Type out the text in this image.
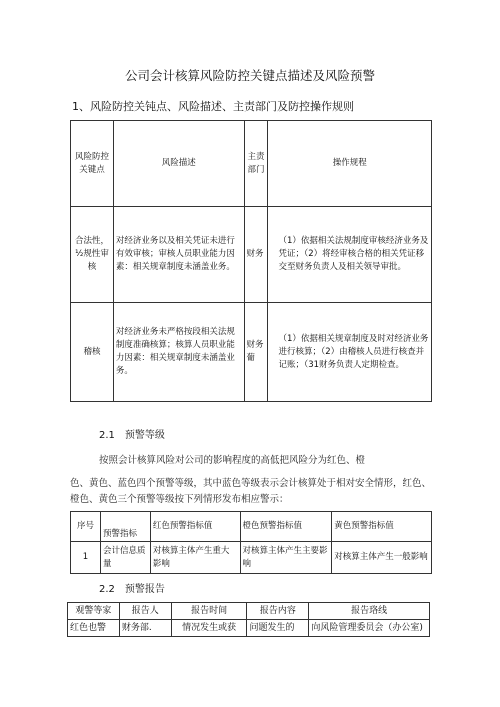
公司会计核算风险防控关键点描述及风险预警
1、风险防控关钝点、风险描述、主责部门及防控操作规则
风险防控关键点	风险描述	主责部门	操作规程
合法性，½规性审核	对经济业务以及相关凭证未进行有效审核；审核人员职业能力因素：相关规章制度未涵盖业务。	财务	（1）依据相关法规制度审核经济业务及凭证；（2）将经审核合格的相关凭证移交至财务负责人及相关领导审批。
稽核	对经济业务未严格按段相关法规制度准确核算；核算人员职业能力因素：相关规章制度未涵盖业务。	财务葡	（1）依据相关规章制度及时对经济业务进行核算；（2）由稽核人员进行核查并记账；（31财务负责人定期检查。
2.1　预警等级
按照会计核算风险对公司的影响程度的高低把风险分为红色、橙
色、黄色、蓝色四个预警等级，其中蓝色等级表示会计核算处于相对安全情形，红色、橙色、黄色三个预警等级按下列情形发布相应警示：
序号	预警指标	红色预警指标值	橙色预警指标值	黄色预警指标值
1	会计信息质量	对核算主体产生重大影响	对核算主体产生主要影响	对核算主体产生一般影响
2.2　预警报告
观警等家	报告人	报告时间	报告内容	报告珞线
红色也警	财务部.	情况发生或获	问题发生的	向风险管理委员会（办公室)
